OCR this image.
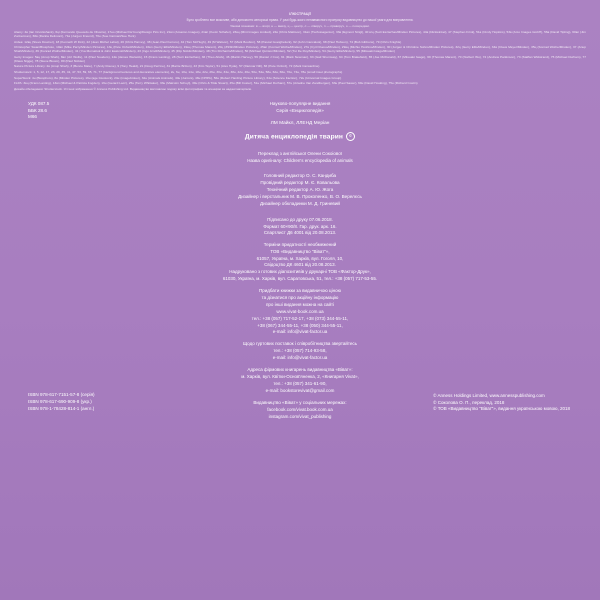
ІЛЮСТРАЦІЇ
Було зроблено все можливе, аби допомогти авторські права. У разі будь-якого ненавмисного пропуску видавництво до нашої уваги для виправлення.
Умовні позначки: в — вгорі, н — внизу, ц — центр, л — ліворуч, п — праворуч, о — посередині.

Alamy: 4в (Ian Cruickshank), 6ці (Fernando Quevedo de Oliveira), 17но (Michael DeYoung/Design Pics Inc), 21вл (Amazon-Images), 21вп (Kevin Schafer), 23вц (Mint Images Limited), 24в (Chris Mattison), 31вп (Tierfotoagentur), 33в (Egmont Strigl), 40 в/ц (Suzi Eszterhas/Minden Pictures), 44в (blickwinkel), 47 (Stephen Frink), 51в (Cindy Hopkins), 53в (Arco Images GmbH), 56в (David Tipling), 60вл (Jim Zuckerman), 66в (Danita Delimont), 71в (Jurgen Freund), 76н (Sue Carman/Sue Hunt)

Ardea: 12вц (Steve Downer), 18 (Kenneth W Fink), 22 (Jean Michel Labat), 26 (Chris Harvey), 38 (Jean-Paul Ferrero), 42 (Tom McHugh), 49 (M Watson), 57 (Mark Boulton), 58 (Pascal Goetgheluck), 62 (John Cancalosi), 68 (Paul Hobson), 74 (Bob Gibbons), 79 (Chris Knights)

Christopher Swan/Biosphoto, 10вп (Mike Parry/Minden Pictures), 13ц (Pete Oxford/Minden), 16вп (Gerry Ellis/Minden), 19вц (Thomas Marent), 20ц (ZSSD/Minden Pictures), 25вп (Konrad Wothe/Minden), 27в (Cyril Ruoso/Minden), 29вц (Michio Hoshino/Minden), 30 (Jurgen & Christine Sohns/Minden Pictures), 32ц (Gerry Ellis/Minden), 34в (Claus Meyer/Minden), 35ц (Konrad Wothe/Minden), 37 (Anup Shah/Minden), 39 (Konrad Wothe/Minden), 41 (Yva Momatiuk & John Eastcott/Minden), 43 (Ingo Arndt/Minden), 45 (Flip Nicklin/Minden), 48 (Tim Fitzharris/Minden), 50 (Michael Quinton/Minden), 52 (Tui De Roy/Minden), 54 (Gerry Ellis/Minden), 55 (Mitsuaki Iwago/Minden)

Getty Images: 5вц (Anup Shah), 8вл (Art Wolfe), 11 (Paul Souders), 14в (James Warwick), 15 (Frans Lanting), 28 (Suzi Eszterhas), 36 (Theo Allofs), 46 (Martin Harvey), 59 (Daniel J Cox), 61 (Mark Newman), 63 (Gail Shumway), 64 (Tom Brakefield), 65 (Joe McDonald), 67 (Mitsuaki Iwago), 69 (Thomas Marent), 70 (Norbert Wu), 72 (Andrew Parkinson), 73 (Staffan Widstrand), 75 (Michael Durham), 77 (Klaus Nigge), 78 (Steve Bloom), 80 (Paul Nicklen)

Nature Picture Library: 2в (Anup Shah), 3 (Bence Mate), 7 (Andy Rouse), 9 (Tony Heald), 21 (Doug Perrine), 31 (Barrie Britton), 43 (Kim Taylor), 51 (Alex Hyde), 57 (Dietmar Nill), 66 (Pete Oxford), 72 (Mark Carwardine)

Shutterstock: 1, 5, 12, 17, 23, 29, 35, 41, 47, 53, 59, 65, 71, 77 (background textures and decorative elements), 2н, 6н, 10н, 14н, 18н, 22н, 26н, 30н, 34н, 38н, 42н, 46н, 50н, 54н, 58н, 62н, 66н, 70н, 74н, 78н (small inset photographs)

SuperStock: 4н (Biosphoto), 8н (Minden Pictures), 16н (age fotostock), 24н (imagebroker), 32н (Animals Animals), 40н (Juniors), 48н (NHPA), 56н (Robert Harding Picture Library), 64н (Science Faction), 72н (Universal Images Group)

FLPA: 3вц (Frans Lanting), 13вп (Michael & Patricia Fogden), 19н (Gerard Lacz), 25н (Terry Whittaker), 33н (Malcolm Schuyl), 39н (Chris & Tilde Stuart), 45н (Bill Coster), 51н (Michael Durham), 57н (Ariadne Van Zandbergen), 63н (Paul Sawer), 69н (David Hosking), 75н (Richard Costin)

Дизайн обкладинки: Shutterstock. Усі інші зображення © Anness Publishing Ltd. Видавництво висловлює подяку всім фотографам та агенціям за надані матеріали.

УДК 087.5
ББК 28.6
М66

Науково-популярне видання

Серія «Енциклопедія»

ЛМ Майкл, ЛЛЕНД Меріан

Дитяча енциклопедія тварин ©

Переклад з англійської Олени Сокоіової

Назва оригіналу: Children's encyclopedia of animals

Головний редактор О. С. Кандиба

Провідний редактор М. Є. Ковальова

Технічний редактор А. Ю. Жога

Дизайнер і верстальник М. В. Прокопенко, В. О. Верелєсь

Дизайнер обкладинки М. Д. Гриневий

Підписано до друку 07.06.2018.

Формат 60×90/8. Гар. друк. арк. 16.

Спартлист Д6 4001 від 20.08.2013.

Терміни придатності необмежений

ТОВ «Видавництво "Віват"»,

61057, Україна, м. Харків, вул. Гоголя, 10,

Свідоцтво ДК 4601 від 20.08.2013.

Надруковано з готових діапозитивів у друкарні ТОВ «Фактор-Друк»,

61030, Україна, м. Харків, вул. Саратовська, 51, тел.: +38 (057) 717-53-55.

Придбати книжки за видавничою ціною

та дізнатися про акційну інформацію

про інші видання можна на сайті

www.vivat-book.com.ua

тел.: +38 (057) 717-52-17, +38 (073) 344-55-11,

+38 (067) 344-55-11, +38 (050) 344-55-11,

e-mail: info@vivat-factor.ua

Щодо гуртових поставок і співробітництва звертайтесь

тел.: +38 (057) 714-93-58,

e-mail: info@vivat-factor.ua

Адреса фірмових книгарень видавництва «Віват»:

м. Харків, вул. Квітки-Основ'яненка, 2, «Книгарня Vivat»,

тел.: +38 (057) 341-61-90,

e-mail: bookstorevivat@gmail.com

Видавництво «Віват» у соціальних мережах:

facebook.com/vivat.book.com.ua

instagram.com/vivat_publishing

ISBN 978-617-7151-57-8 (серія)
ISBN 978-617-690-909-8 (укр.)
ISBN 978-1-78428-814-1 (англ.)
© Anness Holdings Limited, www.annesspublishing.com
© Соколова О. П., переклад, 2018
© ТОВ «Видавництво "Віват"», видання українською мовою, 2018
